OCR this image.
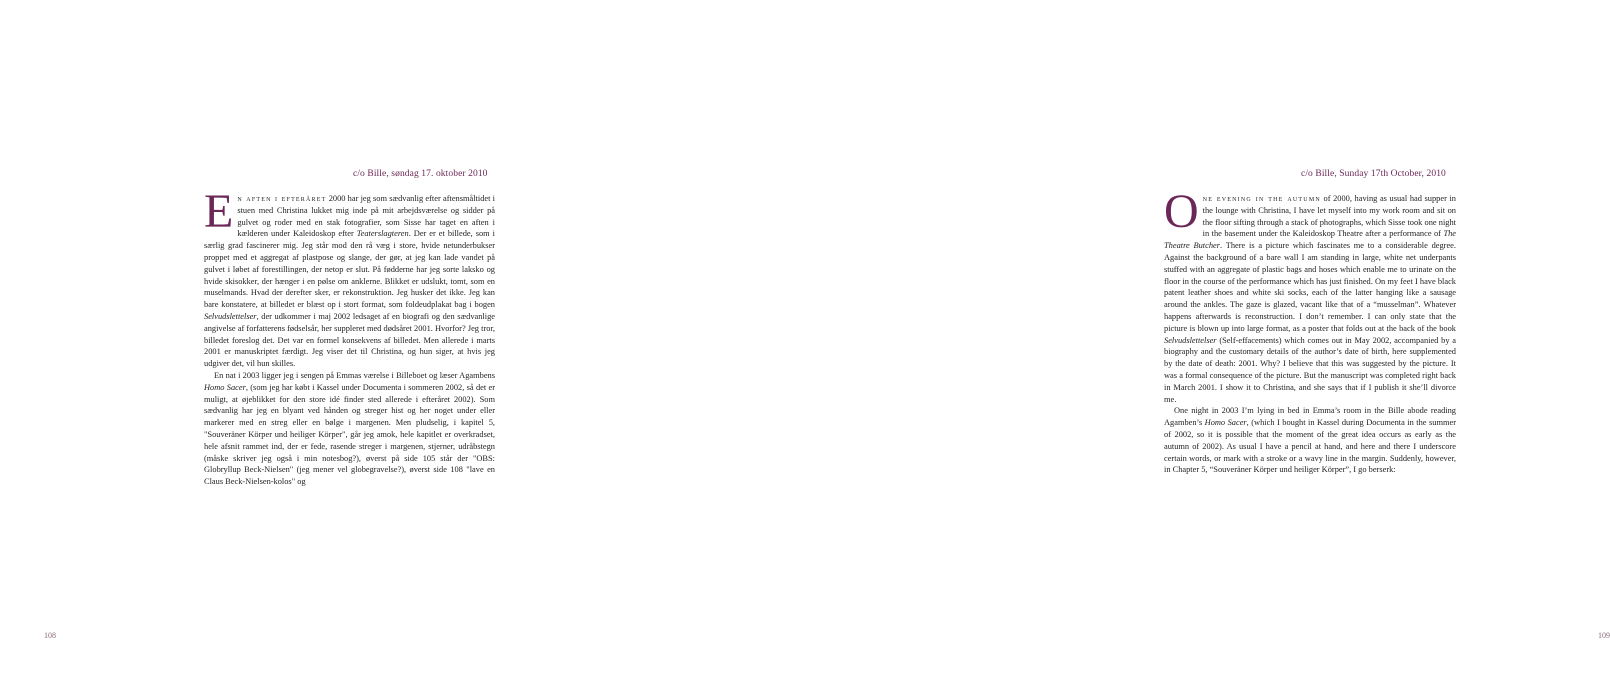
c/o Bille, søndag 17. oktober 2010

En aften i efteråret 2000 har jeg som sædvanlig efter aftensmåltidet i stuen med Christina lukket mig inde på mit arbejdsværelse og sidder på gulvet og roder med en stak fotografier, som Sisse har taget en aften i kælderen under Kaleidoskop efter Teaterslagteren. Der er et billede, som i særlig grad fascinerer mig. Jeg står mod den rå væg i store, hvide netunderbukser proppet med et aggregat af plastpose og slange, der gør, at jeg kan lade vandet på gulvet i løbet af forestillingen, der netop er slut. På fødderne har jeg sorte laksko og hvide skisokker, der hænger i en pølse om anklerne. Blikket er udslukt, tomt, som en muselmands. Hvad der derefter sker, er rekonstruktion. Jeg husker det ikke. Jeg kan bare konstatere, at billedet er blæst op i stort format, som foldeudplakat bag i bogen Selvudslettelser, der udkommer i maj 2002 ledsaget af en biografi og den sædvanlige angivelse af forfatterens fødselsår, her suppleret med dødsåret 2001. Hvorfor? Jeg tror, billedet foreslog det. Det var en formel konsekvens af billedet. Men allerede i marts 2001 er manuskriptet færdigt. Jeg viser det til Christina, og hun siger, at hvis jeg udgiver det, vil hun skilles.

En nat i 2003 ligger jeg i sengen på Emmas værelse i Billeboet og læser Agambens Homo Sacer, (som jeg har købt i Kassel under Documenta i sommeren 2002, så det er muligt, at øjeblikket for den store idé finder sted allerede i efteråret 2002). Som sædvanlig har jeg en blyant ved hånden og streger hist og her noget under eller markerer med en streg eller en bølge i margenen. Men pludselig, i kapitel 5, "Souveräner Körper und heiliger Körper", går jeg amok, hele kapitlet er overkradset, hele afsnit rammet ind, der er fede, rasende streger i margenen, stjerner, udråbstegn (måske skriver jeg også i min notesbog?), øverst på side 105 står der "OBS: Globryllup Beck-Nielsen" (jeg mener vel globegravelse?), øverst side 108 "lave en Claus Beck-Nielsen-kolos" og

108
c/o Bille, Sunday 17th October, 2010

One evening in the autumn of 2000, having as usual had supper in the lounge with Christina, I have let myself into my work room and sit on the floor sifting through a stack of photographs, which Sisse took one night in the basement under the Kaleidoskop Theatre after a performance of The Theatre Butcher. There is a picture which fascinates me to a considerable degree. Against the background of a bare wall I am standing in large, white net underpants stuffed with an aggregate of plastic bags and hoses which enable me to urinate on the floor in the course of the performance which has just finished. On my feet I have black patent leather shoes and white ski socks, each of the latter hanging like a sausage around the ankles. The gaze is glazed, vacant like that of a “musselman”. Whatever happens afterwards is reconstruction. I don’t remember. I can only state that the picture is blown up into large format, as a poster that folds out at the back of the book Selvudslettelser (Self-effacements) which comes out in May 2002, accompanied by a biography and the customary details of the author’s date of birth, here supplemented by the date of death: 2001. Why? I believe that this was suggested by the picture. It was a formal consequence of the picture. But the manuscript was completed right back in March 2001. I show it to Christina, and she says that if I publish it she’ll divorce me.

One night in 2003 I’m lying in bed in Emma’s room in the Bille abode reading Agamben’s Homo Sacer, (which I bought in Kassel during Documenta in the summer of 2002, so it is possible that the moment of the great idea occurs as early as the autumn of 2002). As usual I have a pencil at hand, and here and there I underscore certain words, or mark with a stroke or a wavy line in the margin. Suddenly, however, in Chapter 5, “Souveräner Körper und heiliger Körper”, I go berserk:

109
